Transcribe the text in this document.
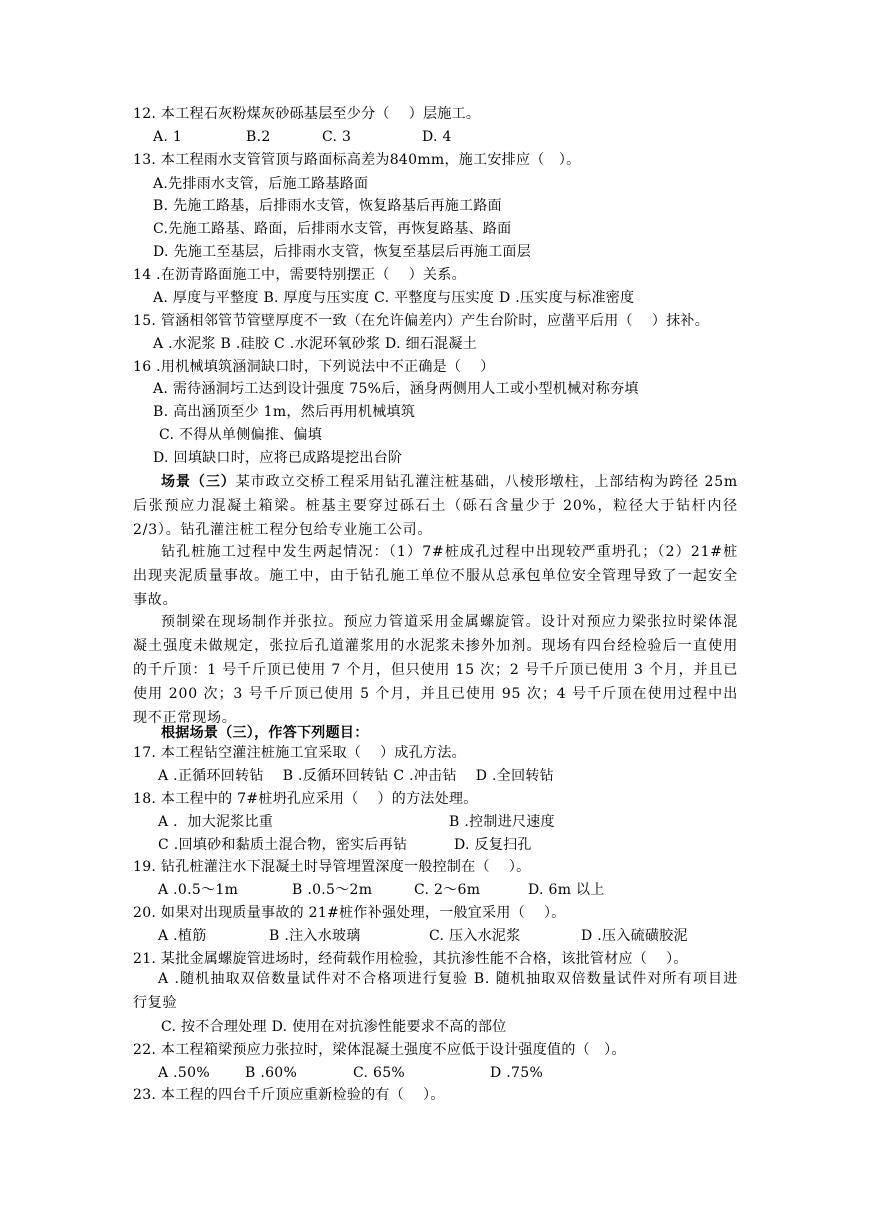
12. 本工程石灰粉煤灰砂砾基层至少分（    ）层施工。
A. 1	B.2	C. 3	D. 4
13. 本工程雨水支管管顶与路面标高差为840mm，施工安排应（   ）。
A.先排雨水支管，后施工路基路面
B. 先施工路基，后排雨水支管，恢复路基后再施工路面
C.先施工路基、路面，后排雨水支管，再恢复路基、路面
D. 先施工至基层，后排雨水支管，恢复至基层后再施工面层
14 .在沥青路面施工中，需要特别摆正（    ）关系。
A. 厚度与平整度 B. 厚度与压实度 C. 平整度与压实度 D .压实度与标准密度
15. 管涵相邻管节管壁厚度不一致（在允许偏差内）产生台阶时，应凿平后用（    ）抹补。
A .水泥浆 B .硅胶 C .水泥环氧砂浆 D. 细石混凝土
16 .用机械填筑涵洞缺口时，下列说法中不正确是（    ）
A. 需待涵洞圬工达到设计强度 75%后，涵身两侧用人工或小型机械对称夯填
B. 高出涵顶至少 1m，然后再用机械填筑
C. 不得从单侧偏推、偏填
D. 回填缺口时，应将已成路堤挖出台阶
场景（三）某市政立交桥工程采用钻孔灌注桩基础，八棱形墩柱，上部结构为跨径 25m 后张预应力混凝土箱梁。桩基主要穿过砾石土（砾石含量少于 20%，粒径大于钻杆内径 2/3）。钻孔灌注桩工程分包给专业施工公司。
钻孔桩施工过程中发生两起情况：（1）7#桩成孔过程中出现较严重坍孔；（2）21#桩出现夹泥质量事故。施工中，由于钻孔施工单位不服从总承包单位安全管理导致了一起安全事故。
预制梁在现场制作并张拉。预应力管道采用金属螺旋管。设计对预应力梁张拉时梁体混凝土强度未做规定，张拉后孔道灌浆用的水泥浆未掺外加剂。现场有四台经检验后一直使用的千斤顶：1 号千斤顶已使用 7 个月，但只使用 15 次；2 号千斤顶已使用 3 个月，并且已使用 200 次；3 号千斤顶已使用 5 个月，并且已使用 95 次；4 号千斤顶在使用过程中出现不正常现场。
根据场景（三），作答下列题目：
17. 本工程钻空灌注桩施工宜采取（    ）成孔方法。
A .正循环回转钻    B .反循环回转钻 C .冲击钻    D .全回转钻
18. 本工程中的 7#桩坍孔应采用（    ）的方法处理。
A .  加大泥浆比重	B .控制进尺速度
C .回填砂和黏质土混合物，密实后再钻	D. 反复扫孔
19. 钻孔桩灌注水下混凝土时导管埋置深度一般控制在（    ）。
A .0.5～1m	B .0.5～2m	C. 2～6m	D. 6m 以上
20. 如果对出现质量事故的 21#桩作补强处理，一般宜采用（    ）。
A .植筋	B .注入水玻璃	C. 压入水泥浆	D .压入硫磺胶泥
21. 某批金属螺旋管进场时，经荷载作用检验，其抗渗性能不合格，该批管材应（    ）。
A .随机抽取双倍数量试件对不合格项进行复验 B. 随机抽取双倍数量试件对所有项目进行复验
C. 按不合理处理 D. 使用在对抗渗性能要求不高的部位
22. 本工程箱梁预应力张拉时，梁体混凝土强度不应低于设计强度值的（   ）。
A .50%	B .60%	C. 65%	D .75%
23. 本工程的四台千斤顶应重新检验的有（    ）。
